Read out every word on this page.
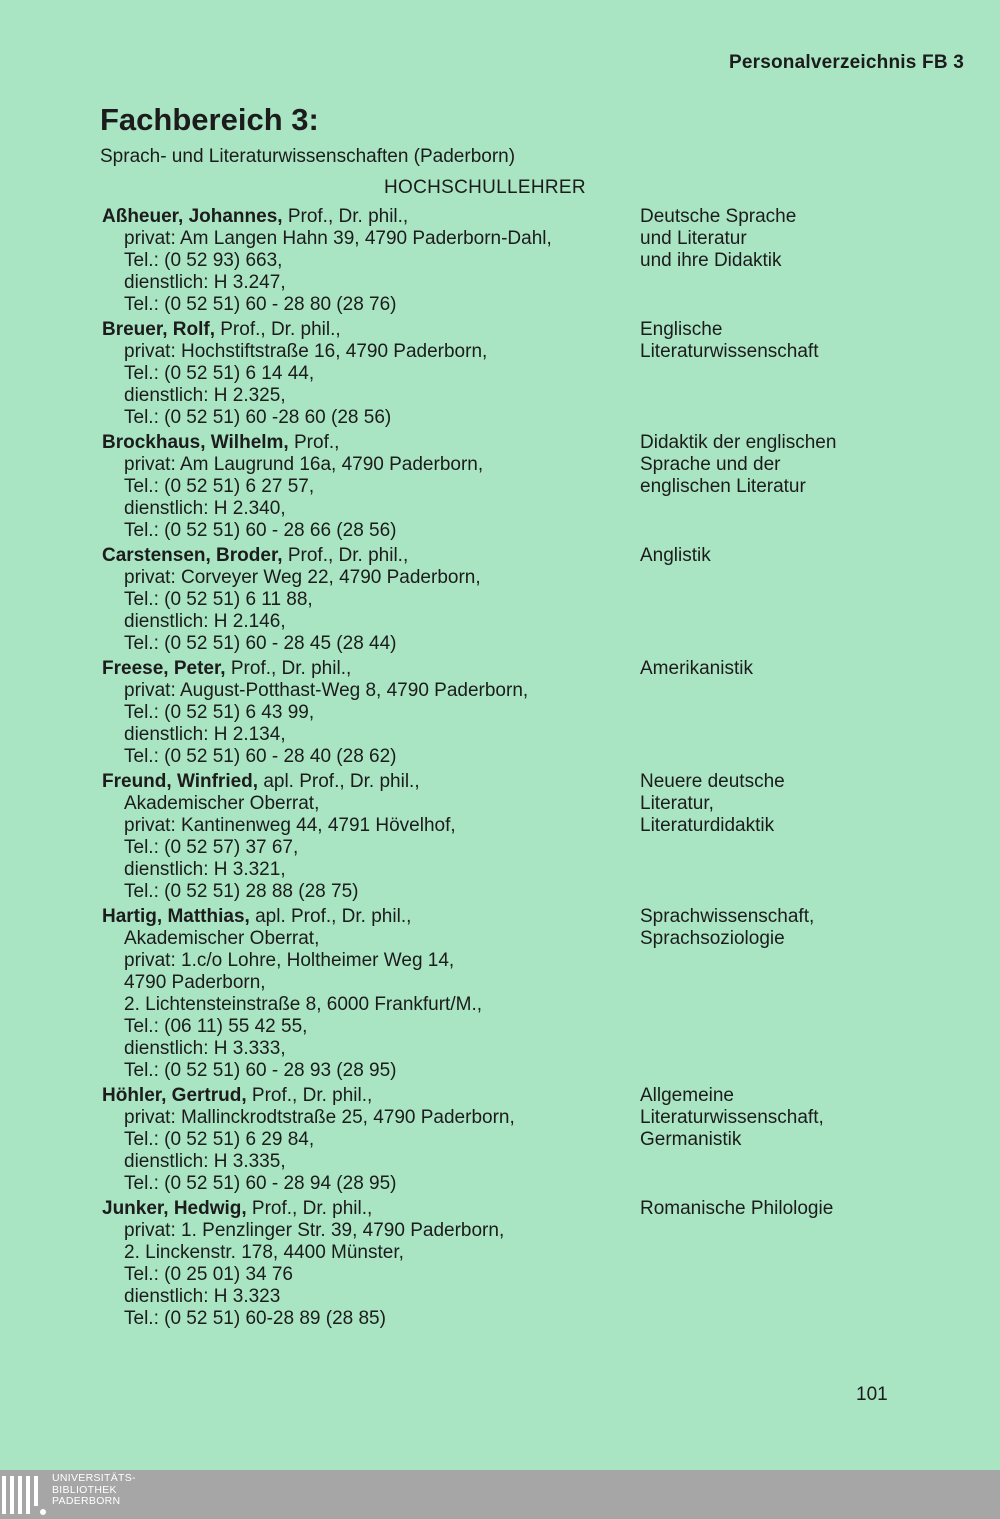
Personalverzeichnis FB 3
Fachbereich 3:
Sprach- und Literaturwissenschaften (Paderborn)
HOCHSCHULLEHRER
Aßheuer, Johannes, Prof., Dr. phil.,
privat: Am Langen Hahn 39, 4790 Paderborn-Dahl,
Tel.: (0 52 93) 663,
dienstlich: H 3.247,
Tel.: (0 52 51) 60 - 28 80 (28 76)
Deutsche Sprache
und Literatur
und ihre Didaktik
Breuer, Rolf, Prof., Dr. phil.,
privat: Hochstiftstraße 16, 4790 Paderborn,
Tel.: (0 52 51) 6 14 44,
dienstlich: H 2.325,
Tel.: (0 52 51) 60 -28 60 (28 56)
Englische
Literaturwissenschaft
Brockhaus, Wilhelm, Prof.,
privat: Am Laugrund 16a, 4790 Paderborn,
Tel.: (0 52 51) 6 27 57,
dienstlich: H 2.340,
Tel.: (0 52 51) 60 - 28 66 (28 56)
Didaktik der englischen
Sprache und der
englischen Literatur
Carstensen, Broder, Prof., Dr. phil.,
privat: Corveyer Weg 22, 4790 Paderborn,
Tel.: (0 52 51) 6 11 88,
dienstlich: H 2.146,
Tel.: (0 52 51) 60 - 28 45 (28 44)
Anglistik
Freese, Peter, Prof., Dr. phil.,
privat: August-Potthast-Weg 8, 4790 Paderborn,
Tel.: (0 52 51) 6 43 99,
dienstlich: H 2.134,
Tel.: (0 52 51) 60 - 28 40 (28 62)
Amerikanistik
Freund, Winfried, apl. Prof., Dr. phil.,
Akademischer Oberrat,
privat: Kantinenweg 44, 4791 Hövelhof,
Tel.: (0 52 57) 37 67,
dienstlich: H 3.321,
Tel.: (0 52 51) 28 88 (28 75)
Neuere deutsche
Literatur,
Literaturdidaktik
Hartig, Matthias, apl. Prof., Dr. phil.,
Akademischer Oberrat,
privat: 1.c/o Lohre, Holtheimer Weg 14,
4790 Paderborn,
2. Lichtensteinstraße 8, 6000 Frankfurt/M.,
Tel.: (06 11) 55 42 55,
dienstlich: H 3.333,
Tel.: (0 52 51) 60 - 28 93 (28 95)
Sprachwissenschaft,
Sprachsoziologie
Höhler, Gertrud, Prof., Dr. phil.,
privat: Mallinckrodtstraße 25, 4790 Paderborn,
Tel.: (0 52 51) 6 29 84,
dienstlich: H 3.335,
Tel.: (0 52 51) 60 - 28 94 (28 95)
Allgemeine
Literaturwissenschaft,
Germanistik
Junker, Hedwig, Prof., Dr. phil.,
privat: 1. Penzlinger Str. 39, 4790 Paderborn,
2. Linckenstr. 178, 4400 Münster,
Tel.: (0 25 01) 34 76
dienstlich: H 3.323
Tel.: (0 52 51) 60-28 89 (28 85)
Romanische Philologie
101
UNIVERSITÄTS-
BIBLIOTHEK
PADERBORN
